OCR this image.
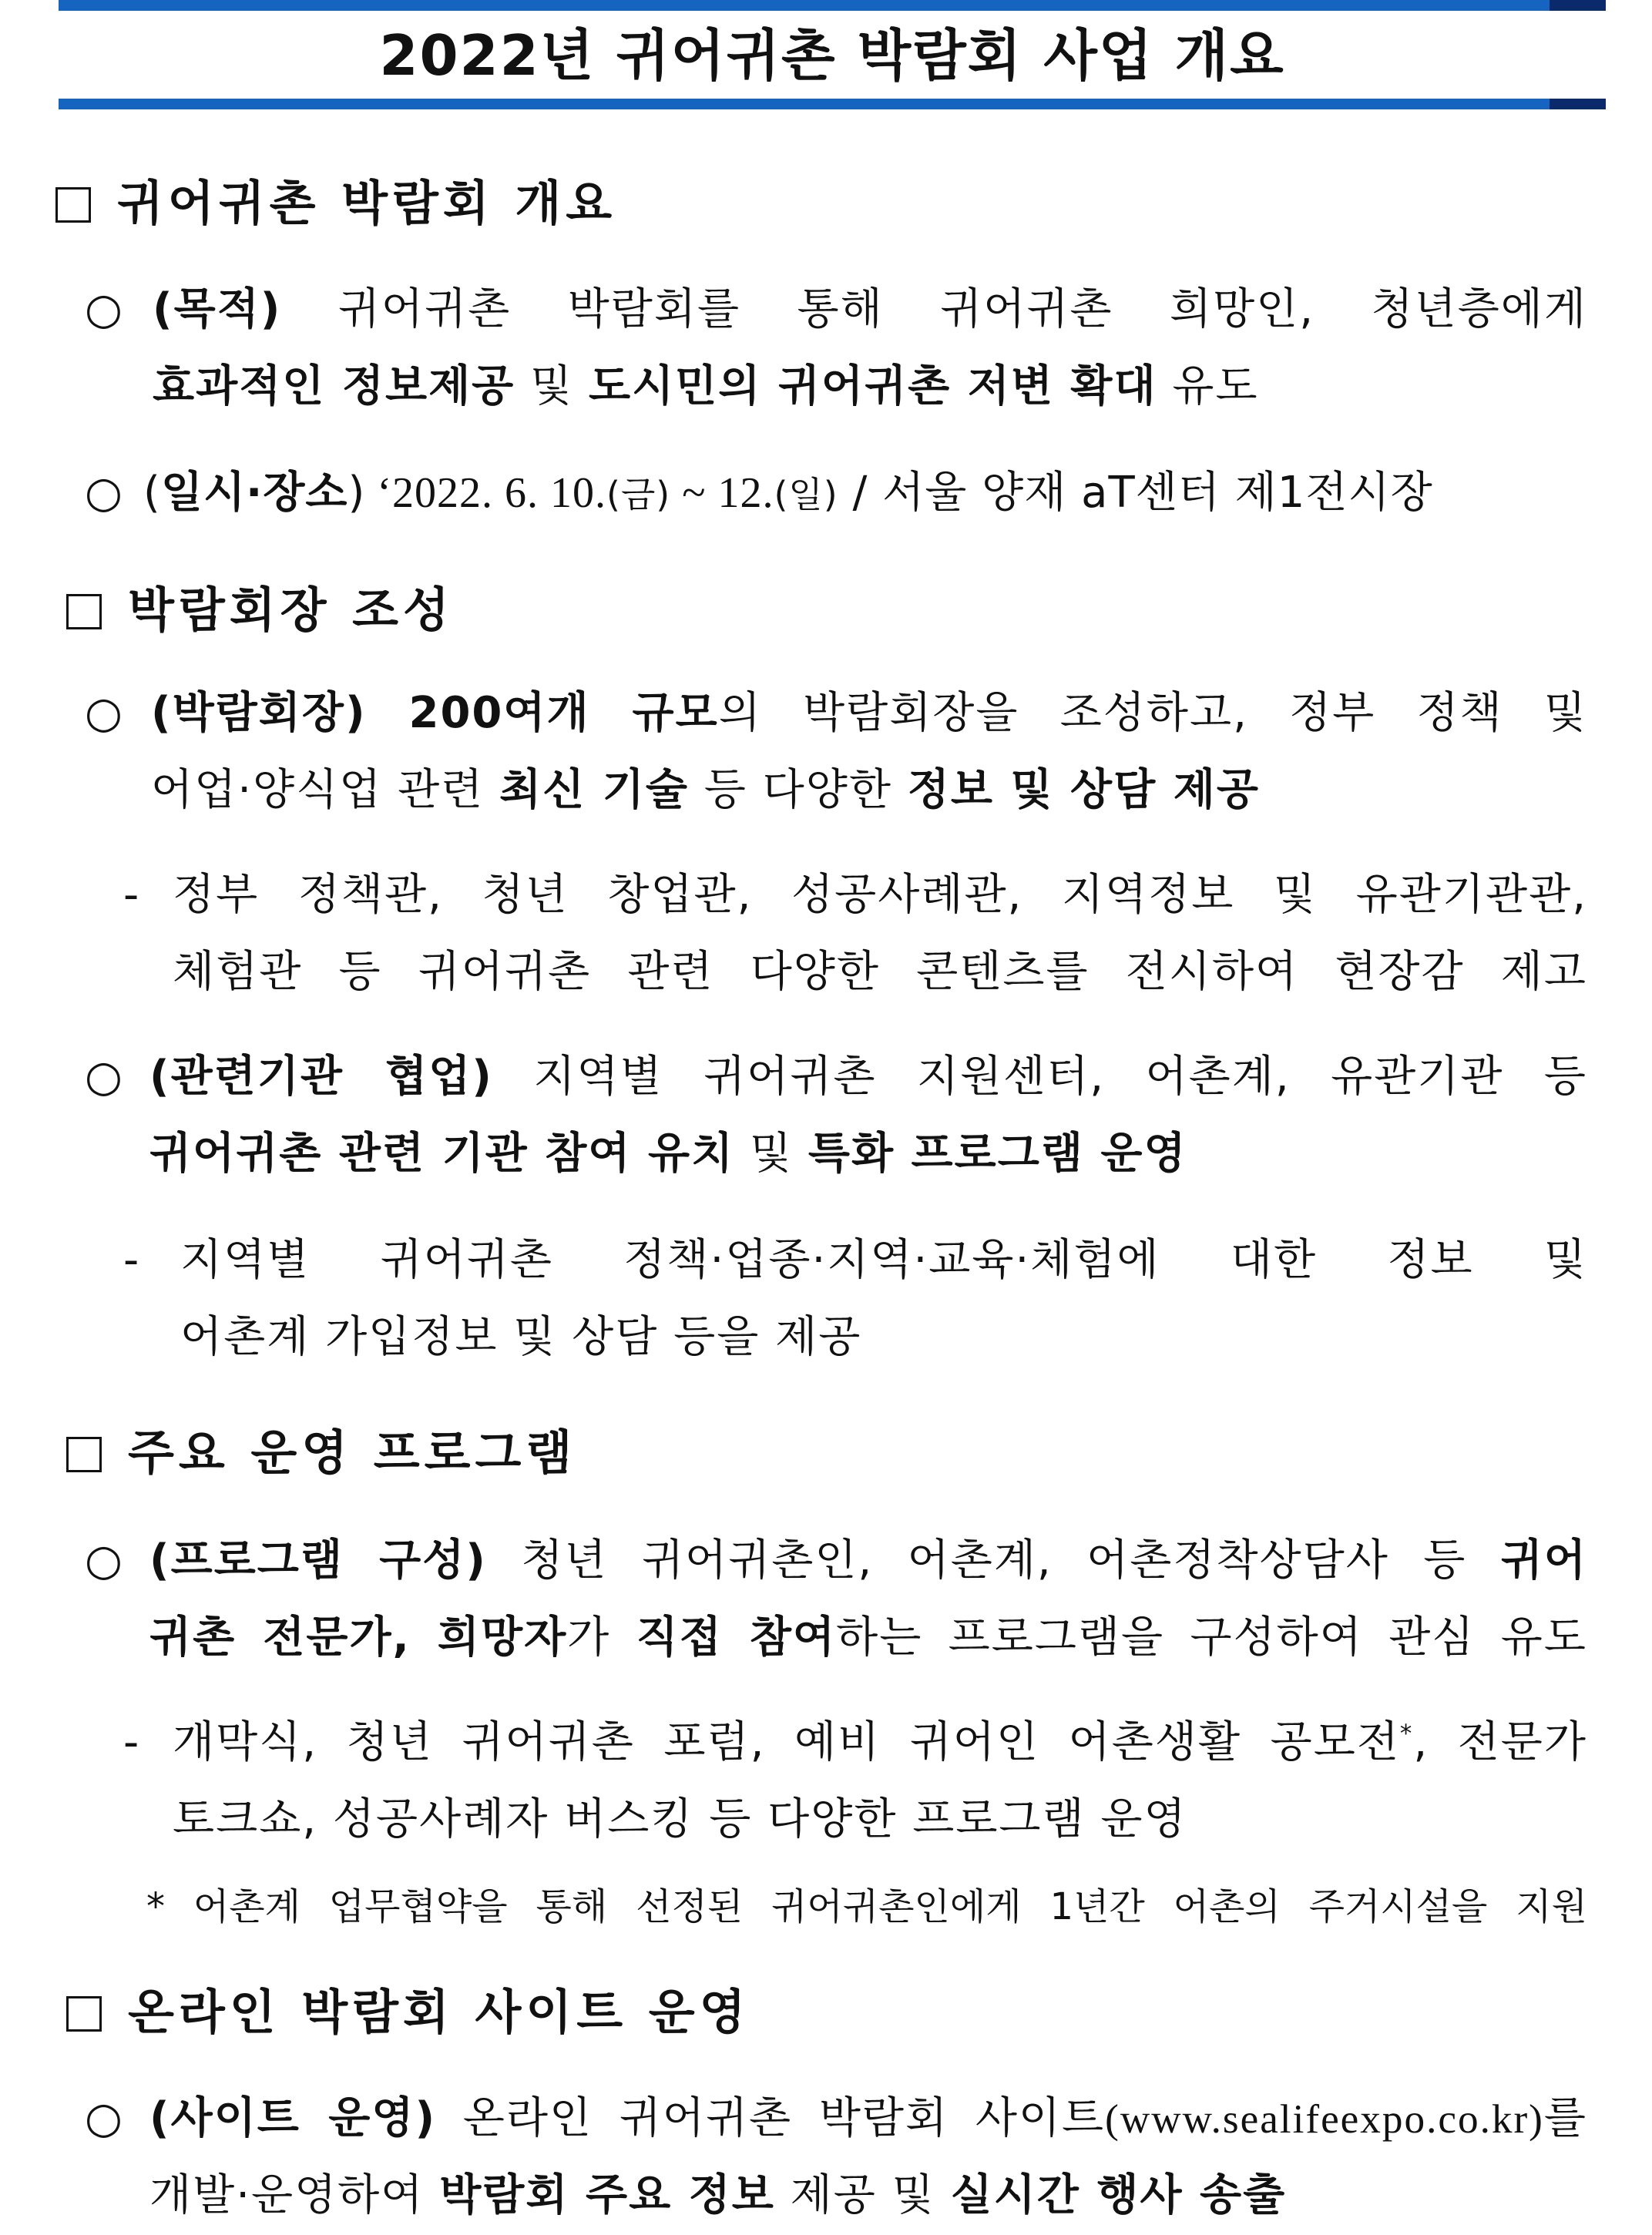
2022년 귀어귀촌 박람회 사업 개요
귀어귀촌 박람회 개요
○ (목적) 귀어귀촌 박람회를 통해 귀어귀촌 희망인, 청년층에게
효과적인 정보제공 및 도시민의 귀어귀촌 저변 확대 유도
○ (일시·장소) ‘2022. 6. 10.(금) ~ 12.(일) / 서울 양재 aT센터 제1전시장
박람회장 조성
○ (박람회장) 200여개 규모의 박람회장을 조성하고, 정부 정책 및
어업·양식업 관련 최신 기술 등 다양한 정보 및 상담 제공
- 정부 정책관, 청년 창업관, 성공사례관, 지역정보 및 유관기관관,
체험관 등 귀어귀촌 관련 다양한 콘텐츠를 전시하여 현장감 제고
○ (관련기관 협업) 지역별 귀어귀촌 지원센터, 어촌계, 유관기관 등
귀어귀촌 관련 기관 참여 유치 및 특화 프로그램 운영
- 지역별 귀어귀촌 정책·업종·지역·교육·체험에 대한 정보 및
어촌계 가입정보 및 상담 등을 제공
주요 운영 프로그램
○ (프로그램 구성) 청년 귀어귀촌인, 어촌계, 어촌정착상담사 등 귀어
귀촌 전문가, 희망자가 직접 참여하는 프로그램을 구성하여 관심 유도
- 개막식, 청년 귀어귀촌 포럼, 예비 귀어인 어촌생활 공모전*, 전문가
토크쇼, 성공사례자 버스킹 등 다양한 프로그램 운영
* 어촌계 업무협약을 통해 선정된 귀어귀촌인에게 1년간 어촌의 주거시설을 지원
온라인 박람회 사이트 운영
○ (사이트 운영) 온라인 귀어귀촌 박람회 사이트(www.sealifeexpo.co.kr)를
개발·운영하여 박람회 주요 정보 제공 및 실시간 행사 송출
